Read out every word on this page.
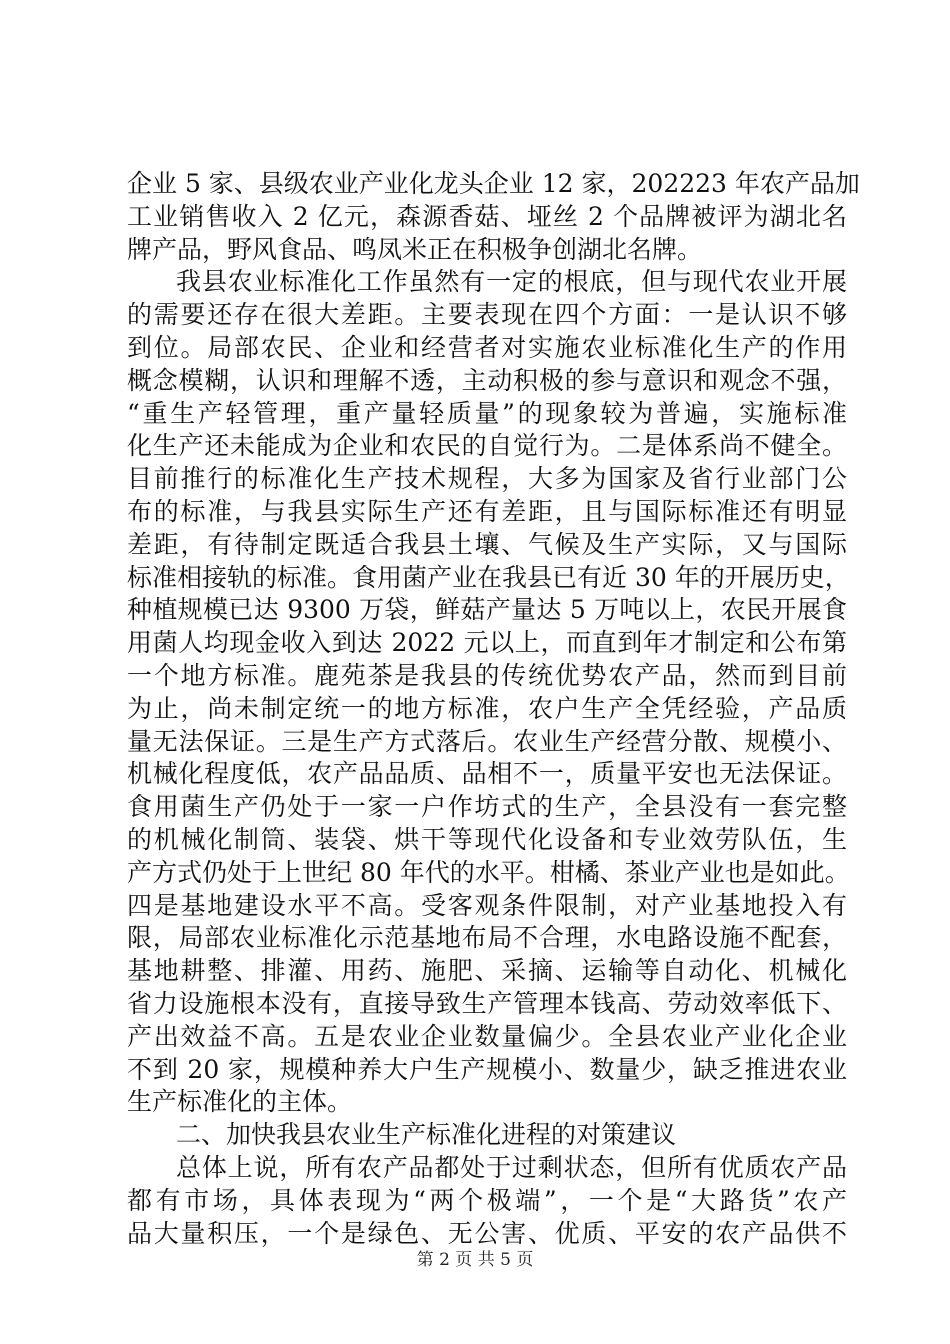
企业 5 家、县级农业产业化龙头企业 12 家，202223 年农产品加
工业销售收入 2 亿元，森源香菇、垭丝 2 个品牌被评为湖北名
牌产品，野风食品、鸣凤米正在积极争创湖北名牌。
我县农业标准化工作虽然有一定的根底，但与现代农业开展
的需要还存在很大差距。主要表现在四个方面：一是认识不够
到位。局部农民、企业和经营者对实施农业标准化生产的作用
概念模糊，认识和理解不透，主动积极的参与意识和观念不强，
“重生产轻管理，重产量轻质量”的现象较为普遍，实施标准
化生产还未能成为企业和农民的自觉行为。二是体系尚不健全。
目前推行的标准化生产技术规程，大多为国家及省行业部门公
布的标准，与我县实际生产还有差距，且与国际标准还有明显
差距，有待制定既适合我县土壤、气候及生产实际，又与国际
标准相接轨的标准。食用菌产业在我县已有近 30 年的开展历史，
种植规模已达 9300 万袋，鲜菇产量达 5 万吨以上，农民开展食
用菌人均现金收入到达 2022 元以上，而直到年才制定和公布第
一个地方标准。鹿苑茶是我县的传统优势农产品，然而到目前
为止，尚未制定统一的地方标准，农户生产全凭经验，产品质
量无法保证。三是生产方式落后。农业生产经营分散、规模小、
机械化程度低，农产品品质、品相不一，质量平安也无法保证。
食用菌生产仍处于一家一户作坊式的生产，全县没有一套完整
的机械化制筒、装袋、烘干等现代化设备和专业效劳队伍，生
产方式仍处于上世纪 80 年代的水平。柑橘、茶业产业也是如此。
四是基地建设水平不高。受客观条件限制，对产业基地投入有
限，局部农业标准化示范基地布局不合理，水电路设施不配套，
基地耕整、排灌、用药、施肥、采摘、运输等自动化、机械化
省力设施根本没有，直接导致生产管理本钱高、劳动效率低下、
产出效益不高。五是农业企业数量偏少。全县农业产业化企业
不到 20 家，规模种养大户生产规模小、数量少，缺乏推进农业
生产标准化的主体。
二、加快我县农业生产标准化进程的对策建议
总体上说，所有农产品都处于过剩状态，但所有优质农产品
都有市场，具体表现为“两个极端”，一个是“大路货”农产
品大量积压，一个是绿色、无公害、优质、平安的农产品供不
第 2 页 共 5 页
